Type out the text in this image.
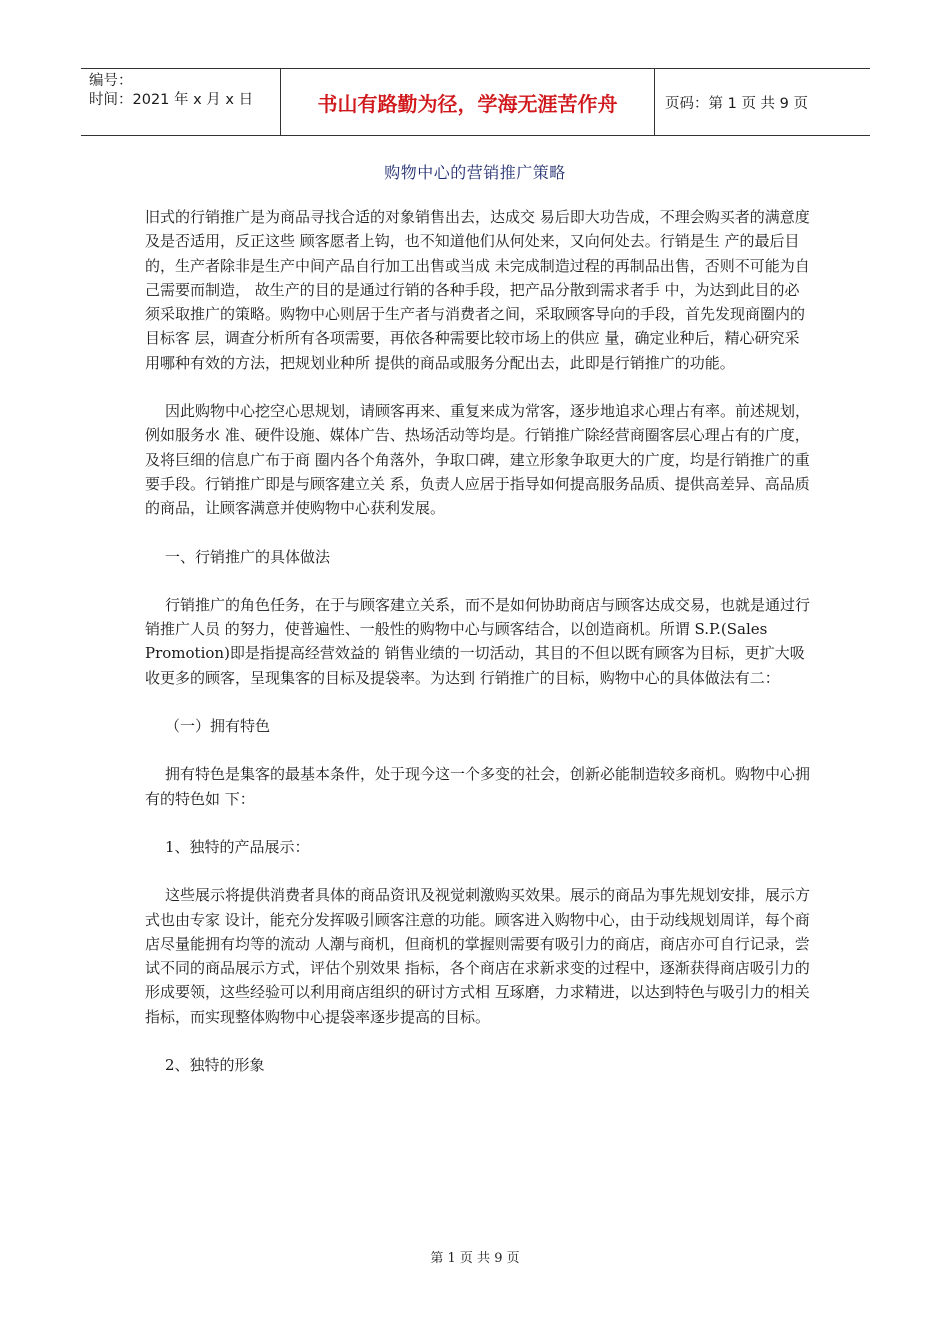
编号：
时间：2021 年 x 月 x 日	书山有路勤为径，学海无涯苦作舟	页码：第 1 页 共 9 页
购物中心的营销推广策略

旧式的行销推广是为商品寻找合适的对象销售出去，达成交 易后即大功告成，不理会购买者的满意度及是否适用，反正这些 顾客愿者上钩，也不知道他们从何处来，又向何处去。行销是生 产的最后目的，生产者除非是生产中间产品自行加工出售或当成 未完成制造过程的再制品出售，否则不可能为自己需要而制造， 故生产的目的是通过行销的各种手段，把产品分散到需求者手 中，为达到此目的必须采取推广的策略。购物中心则居于生产者与消费者之间，采取顾客导向的手段，首先发现商圈内的目标客 层，调查分析所有各项需要，再依各种需要比较市场上的供应 量，确定业种后，精心研究采用哪种有效的方法，把规划业种所 提供的商品或服务分配出去，此即是行销推广的功能。

因此购物中心挖空心思规划，请顾客再来、重复来成为常客，逐步地追求心理占有率。前述规划，例如服务水 准、硬件设施、媒体广告、热场活动等均是。行销推广除经营商圈客层心理占有的广度，及将巨细的信息广布于商 圈内各个角落外，争取口碑，建立形象争取更大的广度，均是行销推广的重要手段。行销推广即是与顾客建立关 系，负责人应居于指导如何提高服务品质、提供高差异、高品质的商品，让顾客满意并使购物中心获利发展。

一、行销推广的具体做法

行销推广的角色任务，在于与顾客建立关系，而不是如何协助商店与顾客达成交易，也就是通过行销推广人员 的努力，使普遍性、一般性的购物中心与顾客结合，以创造商机。所谓 S.P.(Sales Promotion)即是指提高经营效益的 销售业绩的一切活动，其目的不但以既有顾客为目标，更扩大吸收更多的顾客，呈现集客的目标及提袋率。为达到 行销推广的目标，购物中心的具体做法有二：

（一）拥有特色

拥有特色是集客的最基本条件，处于现今这一个多变的社会，创新必能制造较多商机。购物中心拥有的特色如 下：

1、独特的产品展示：

这些展示将提供消费者具体的商品资讯及视觉刺激购买效果。展示的商品为事先规划安排，展示方式也由专家 设计，能充分发挥吸引顾客注意的功能。顾客进入购物中心，由于动线规划周详，每个商店尽量能拥有均等的流动 人潮与商机，但商机的掌握则需要有吸引力的商店，商店亦可自行记录，尝试不同的商品展示方式，评估个别效果 指标，各个商店在求新求变的过程中，逐渐获得商店吸引力的形成要领，这些经验可以利用商店组织的研讨方式相 互琢磨，力求精进，以达到特色与吸引力的相关指标，而实现整体购物中心提袋率逐步提高的目标。

2、独特的形象

第 1 页 共 9 页
